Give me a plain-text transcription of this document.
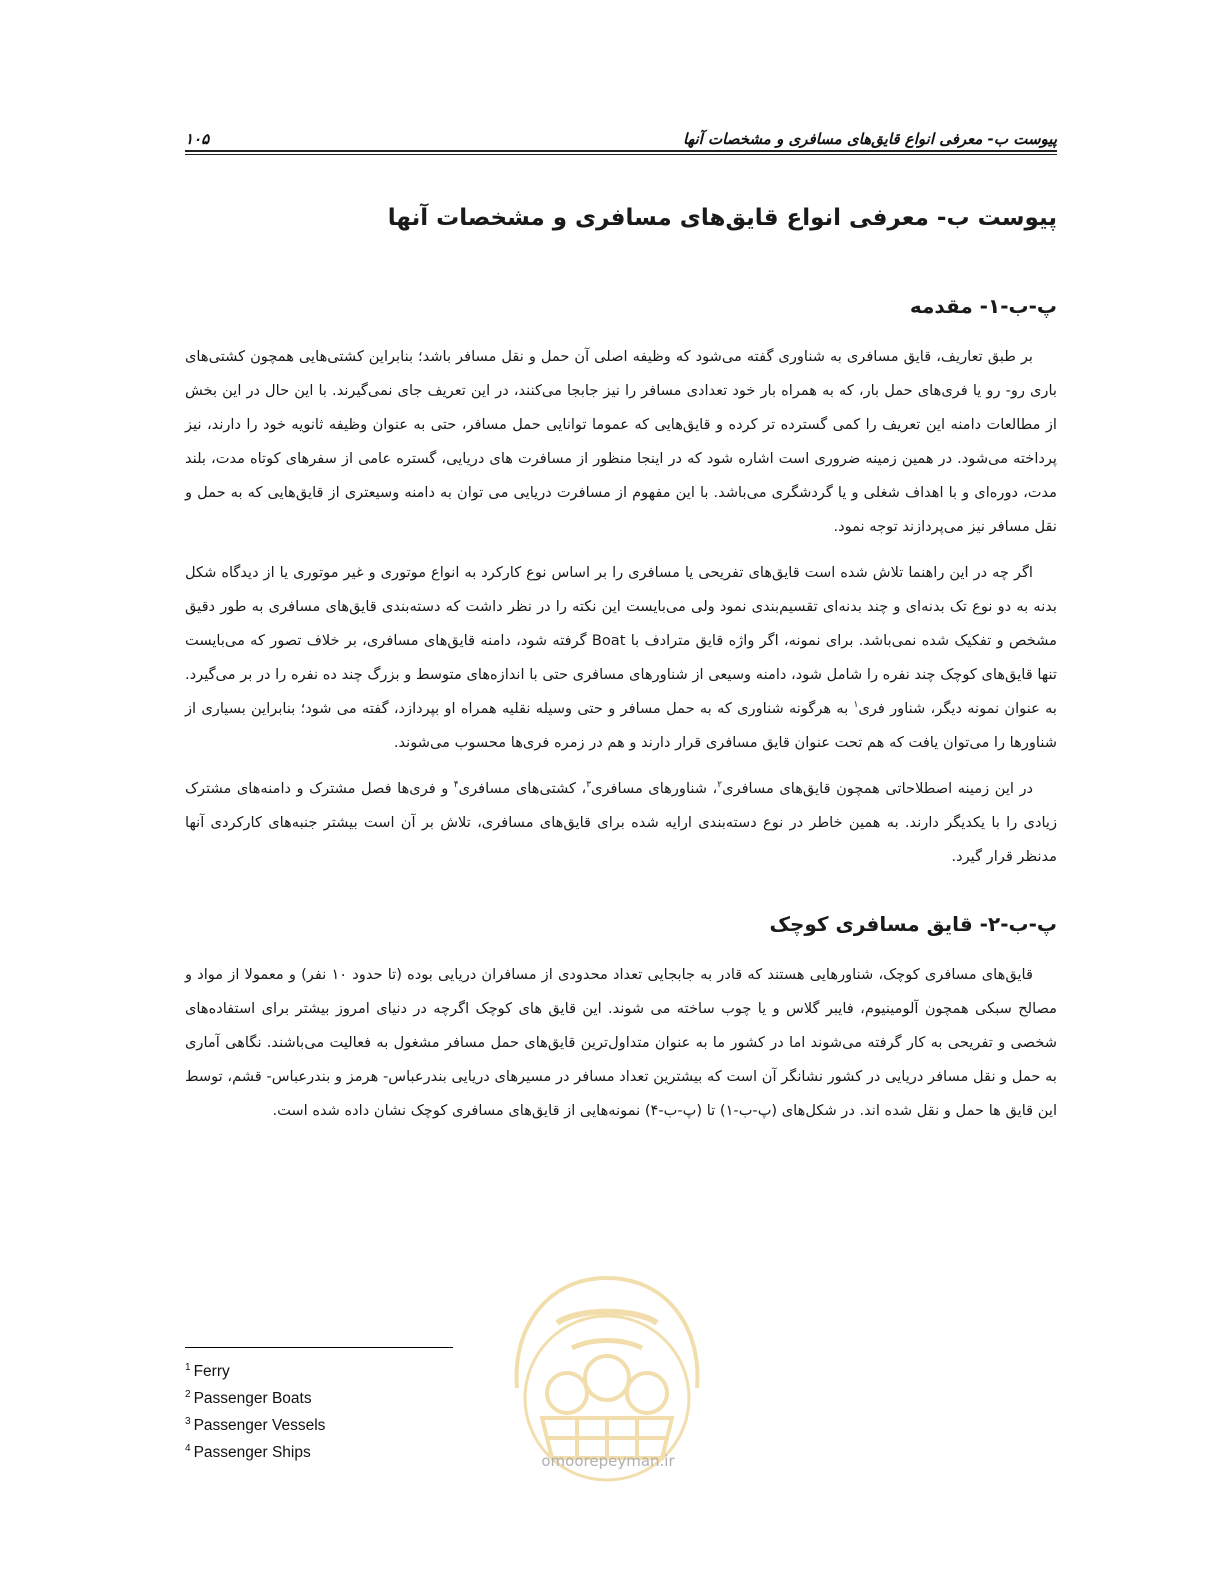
پیوست ب- معرفی انواع قایق‌های مسافری و مشخصات آنها
۱۰۵
پیوست ب- معرفی انواع قایق‌های مسافری و مشخصات آنها
پ-ب-۱- مقدمه

بر طبق تعاریف، قایق مسافری به شناوری گفته می‌شود که وظیفه اصلی آن حمل و نقل مسافر باشد؛ بنابراین کشتی‌هایی همچون کشتی‌های باری رو- رو یا فری‌های حمل بار، که به همراه بار خود تعدادی مسافر را نیز جابجا می‌کنند، در این تعریف جای نمی‌گیرند. با این حال در این بخش از مطالعات دامنه این تعریف را کمی گسترده تر کرده و قایق‌هایی که عموما توانایی حمل مسافر، حتی به عنوان وظیفه ثانویه خود را دارند، نیز پرداخته می‌شود. در همین زمینه ضروری است اشاره شود که در اینجا منظور از مسافرت های دریایی، گستره عامی از سفرهای کوتاه مدت، بلند مدت، دوره‌ای و با اهداف شغلی و یا گردشگری می‌باشد. با این مفهوم از مسافرت دریایی می توان به دامنه وسیعتری از قایق‌هایی که به حمل و نقل مسافر نیز می‌پردازند توجه نمود.

اگر چه در این راهنما تلاش شده است قایق‌های تفریحی یا مسافری را بر اساس نوع کارکرد به انواع موتوری و غیر موتوری یا از دیدگاه شکل بدنه به دو نوع تک بدنه‌ای و چند بدنه‌ای تقسیم‌بندی نمود ولی می‌بایست این نکته را در نظر داشت که دسته‌بندی قایق‌های مسافری به طور دقیق مشخص و تفکیک شده نمی‌باشد. برای نمونه، اگر واژه قایق مترادف با Boat گرفته شود، دامنه قایق‌های مسافری، بر خلاف تصور که می‌بایست تنها قایق‌های کوچک چند نفره را شامل شود، دامنه وسیعی از شناورهای مسافری حتی با اندازه‌های متوسط و بزرگ چند ده نفره را در بر می‌گیرد. به عنوان نمونه دیگر، شناور فری$^۱$ به هرگونه شناوری که به حمل مسافر و حتی وسیله نقلیه همراه او بپردازد، گفته می شود؛ بنابراین بسیاری از شناورها را می‌توان یافت که هم تحت عنوان قایق مسافری قرار دارند و هم در زمره فری‌ها محسوب می‌شوند.

در این زمینه اصطلاحاتی همچون قایق‌های مسافری$^۲$، شناورهای مسافری$^۳$، کشتی‌های مسافری$^۴$ و فری‌ها فصل مشترک و دامنه‌های مشترک زیادی را با یکدیگر دارند. به همین خاطر در نوع دسته‌بندی ارایه شده برای قایق‌های مسافری، تلاش بر آن است بیشتر جنبه‌های کارکردی آنها مدنظر قرار گیرد.

پ-ب-۲- قایق مسافری کوچک

قایق‌های مسافری کوچک، شناورهایی هستند که قادر به جابجایی تعداد محدودی از مسافران دریایی بوده (تا حدود ۱۰ نفر) و معمولا از مواد و مصالح سبکی همچون آلومینیوم، فایبر گلاس و یا چوب ساخته می شوند. این قایق های کوچک اگرچه در دنیای امروز بیشتر برای استفاده‌های شخصی و تفریحی به کار گرفته می‌شوند اما در کشور ما به عنوان متداول‌ترین قایق‌های حمل مسافر مشغول به فعالیت می‌باشند. نگاهی آماری به حمل و نقل مسافر دریایی در کشور نشانگر آن است که بیشترین تعداد مسافر در مسیرهای دریایی بندرعباس- هرمز و بندرعباس- قشم، توسط این قایق ها حمل و نقل شده اند. در شکل‌های (پ-ب-۱) تا (پ-ب-۴) نمونه‌هایی از قایق‌های مسافری کوچک نشان داده شده است.

omoorepeyman.ir
$^1$ Ferry
$^2$ Passenger Boats
$^3$ Passenger Vessels
$^4$ Passenger Ships
